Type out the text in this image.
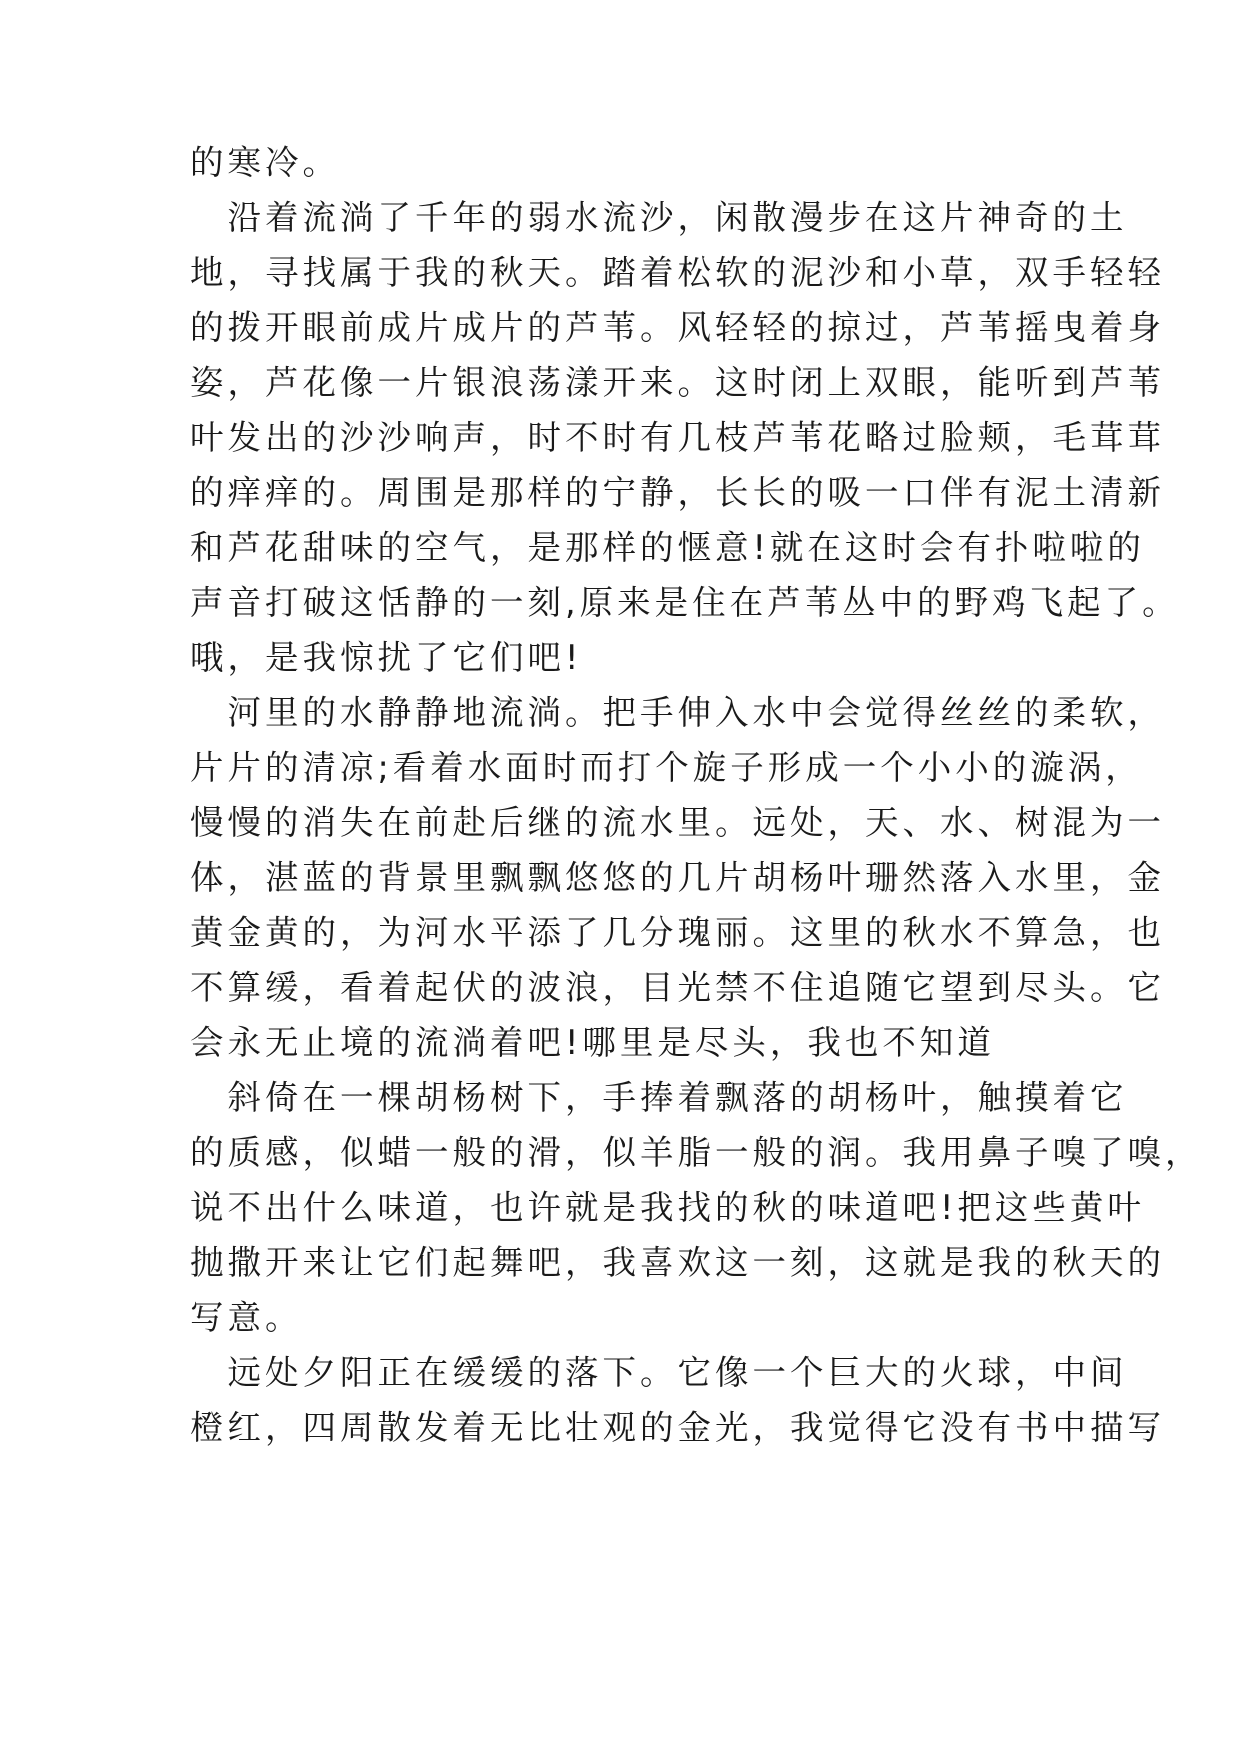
的寒冷。
　沿着流淌了千年的弱水流沙，闲散漫步在这片神奇的土
地，寻找属于我的秋天。踏着松软的泥沙和小草，双手轻轻
的拨开眼前成片成片的芦苇。风轻轻的掠过，芦苇摇曳着身
姿，芦花像一片银浪荡漾开来。这时闭上双眼，能听到芦苇
叶发出的沙沙响声，时不时有几枝芦苇花略过脸颊，毛茸茸
的痒痒的。周围是那样的宁静，长长的吸一口伴有泥土清新
和芦花甜味的空气，是那样的惬意!就在这时会有扑啦啦的
声音打破这恬静的一刻,原来是住在芦苇丛中的野鸡飞起了。
哦，是我惊扰了它们吧!
　河里的水静静地流淌。把手伸入水中会觉得丝丝的柔软，
片片的清凉;看着水面时而打个旋子形成一个小小的漩涡，
慢慢的消失在前赴后继的流水里。远处，天、水、树混为一
体，湛蓝的背景里飘飘悠悠的几片胡杨叶珊然落入水里，金
黄金黄的，为河水平添了几分瑰丽。这里的秋水不算急，也
不算缓，看着起伏的波浪，目光禁不住追随它望到尽头。它
会永无止境的流淌着吧!哪里是尽头，我也不知道
　斜倚在一棵胡杨树下，手捧着飘落的胡杨叶，触摸着它
的质感，似蜡一般的滑，似羊脂一般的润。我用鼻子嗅了嗅，
说不出什么味道，也许就是我找的秋的味道吧!把这些黄叶
抛撒开来让它们起舞吧，我喜欢这一刻，这就是我的秋天的
写意。
　远处夕阳正在缓缓的落下。它像一个巨大的火球，中间
橙红，四周散发着无比壮观的金光，我觉得它没有书中描写
